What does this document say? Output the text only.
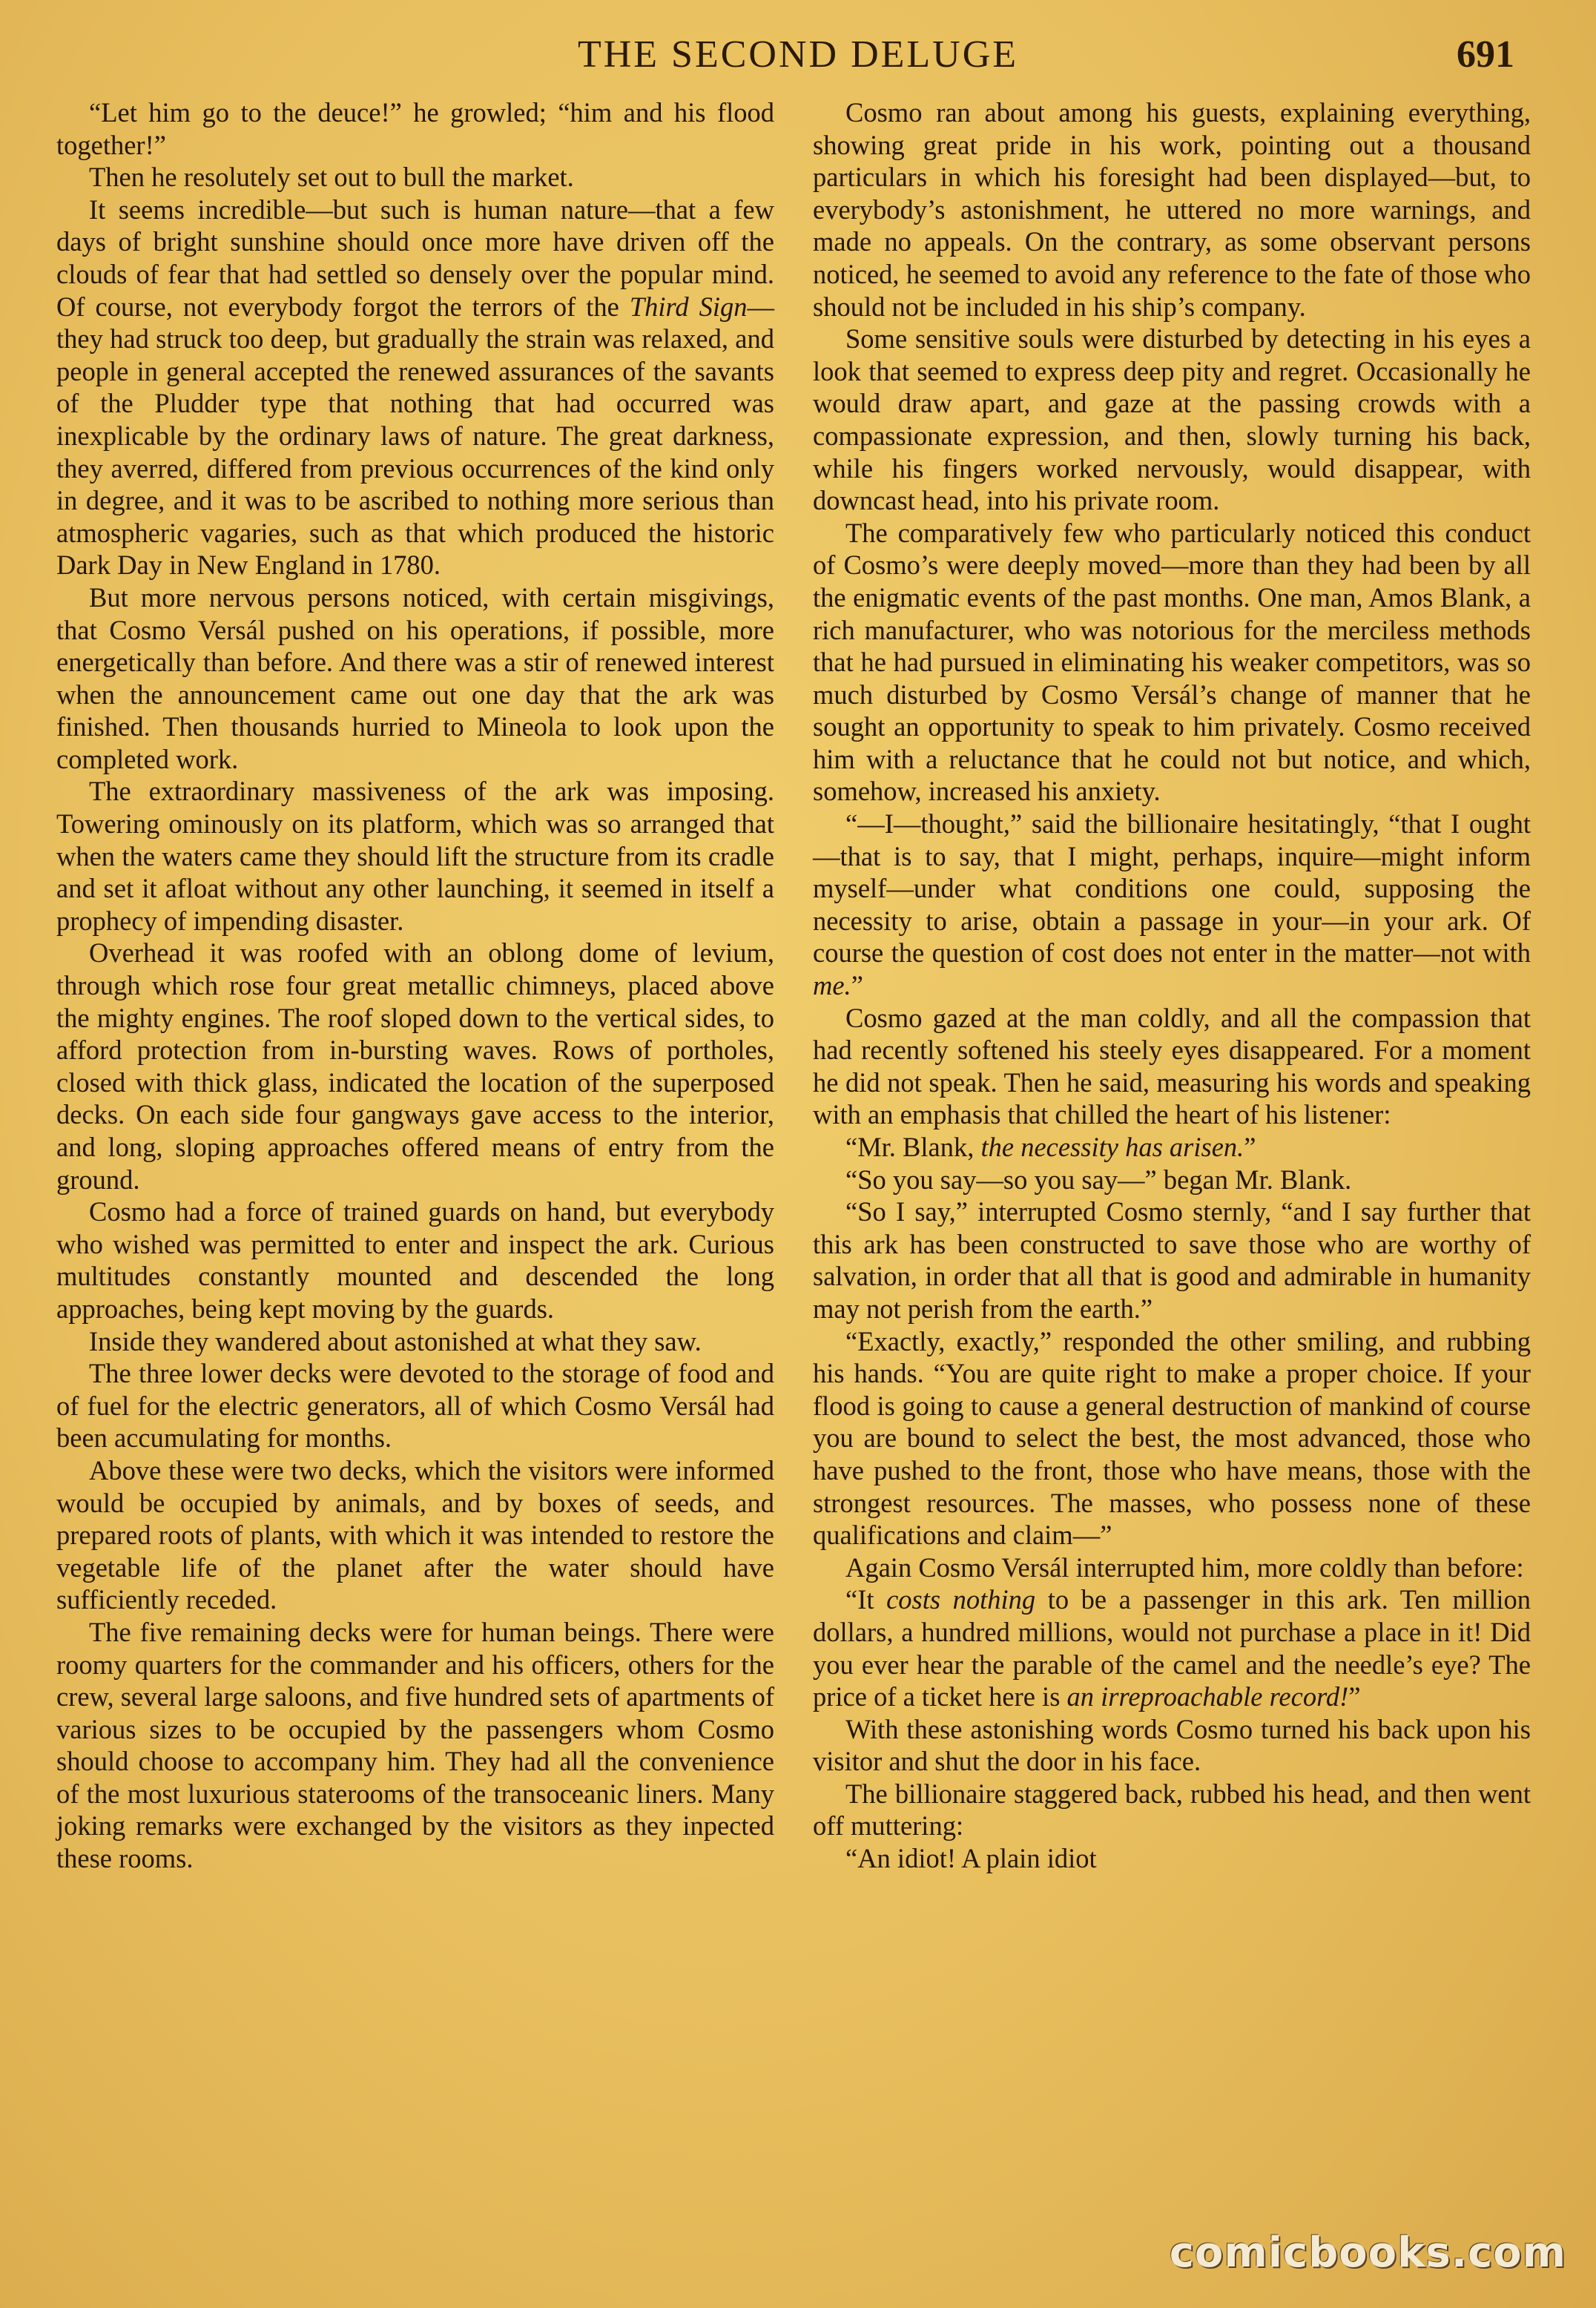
THE SECOND DELUGE	691

“Let him go to the deuce!” he growled; “him and his flood together!”

Then he resolutely set out to bull the market.

It seems incredible—but such is human nature—that a few days of bright sunshine should once more have driven off the clouds of fear that had settled so densely over the popular mind. Of course, not everybody forgot the terrors of the Third Sign—they had struck too deep, but gradually the strain was relaxed, and people in general accepted the renewed assurances of the savants of the Pludder type that nothing that had occurred was inexplicable by the ordinary laws of nature. The great darkness, they averred, differed from previous occurrences of the kind only in degree, and it was to be ascribed to nothing more serious than atmospheric vagaries, such as that which produced the historic Dark Day in New England in 1780.

But more nervous persons noticed, with certain misgivings, that Cosmo Versál pushed on his operations, if possible, more energetically than before. And there was a stir of renewed interest when the announcement came out one day that the ark was finished. Then thousands hurried to Mineola to look upon the completed work.

The extraordinary massiveness of the ark was imposing. Towering ominously on its platform, which was so arranged that when the waters came they should lift the structure from its cradle and set it afloat without any other launching, it seemed in itself a prophecy of impending disaster.

Overhead it was roofed with an oblong dome of levium, through which rose four great metallic chimneys, placed above the mighty engines. The roof sloped down to the vertical sides, to afford protection from in-bursting waves. Rows of portholes, closed with thick glass, indicated the location of the superposed decks. On each side four gangways gave access to the interior, and long, sloping approaches offered means of entry from the ground.

Cosmo had a force of trained guards on hand, but everybody who wished was permitted to enter and inspect the ark. Curious multitudes constantly mounted and descended the long approaches, being kept moving by the guards.

Inside they wandered about astonished at what they saw.

The three lower decks were devoted to the storage of food and of fuel for the electric generators, all of which Cosmo Versál had been accumulating for months.

Above these were two decks, which the visitors were informed would be occupied by animals, and by boxes of seeds, and prepared roots of plants, with which it was intended to restore the vegetable life of the planet after the water should have sufficiently receded.

The five remaining decks were for human beings. There were roomy quarters for the commander and his officers, others for the crew, several large saloons, and five hundred sets of apartments of various sizes to be occupied by the passengers whom Cosmo should choose to accompany him. They had all the convenience of the most luxurious staterooms of the transoceanic liners. Many joking remarks were exchanged by the visitors as they inpected these rooms.

Cosmo ran about among his guests, explaining everything, showing great pride in his work, pointing out a thousand particulars in which his foresight had been displayed—but, to everybody’s astonishment, he uttered no more warnings, and made no appeals. On the contrary, as some observant persons noticed, he seemed to avoid any reference to the fate of those who should not be included in his ship’s company.

Some sensitive souls were disturbed by detecting in his eyes a look that seemed to express deep pity and regret. Occasionally he would draw apart, and gaze at the passing crowds with a compassionate expression, and then, slowly turning his back, while his fingers worked nervously, would disappear, with downcast head, into his private room.

The comparatively few who particularly noticed this conduct of Cosmo’s were deeply moved—more than they had been by all the enigmatic events of the past months. One man, Amos Blank, a rich manufacturer, who was notorious for the merciless methods that he had pursued in eliminating his weaker competitors, was so much disturbed by Cosmo Versál’s change of manner that he sought an opportunity to speak to him privately. Cosmo received him with a reluctance that he could not but notice, and which, somehow, increased his anxiety.

“—I—thought,” said the billionaire hesitatingly, “that I ought—that is to say, that I might, perhaps, inquire—might inform myself—under what conditions one could, supposing the necessity to arise, obtain a passage in your—in your ark. Of course the question of cost does not enter in the matter—not with me.”

Cosmo gazed at the man coldly, and all the compassion that had recently softened his steely eyes disappeared. For a moment he did not speak. Then he said, measuring his words and speaking with an emphasis that chilled the heart of his listener:

“Mr. Blank, the necessity has arisen.”

“So you say—so you say—” began Mr. Blank.

“So I say,” interrupted Cosmo sternly, “and I say further that this ark has been constructed to save those who are worthy of salvation, in order that all that is good and admirable in humanity may not perish from the earth.”

“Exactly, exactly,” responded the other smiling, and rubbing his hands. “You are quite right to make a proper choice. If your flood is going to cause a general destruction of mankind of course you are bound to select the best, the most advanced, those who have pushed to the front, those who have means, those with the strongest resources. The masses, who possess none of these qualifications and claim—”

Again Cosmo Versál interrupted him, more coldly than before:

“It costs nothing to be a passenger in this ark. Ten million dollars, a hundred millions, would not purchase a place in it! Did you ever hear the parable of the camel and the needle’s eye? The price of a ticket here is an irreproachable record!”

With these astonishing words Cosmo turned his back upon his visitor and shut the door in his face.

The billionaire staggered back, rubbed his head, and then went off muttering:

“An idiot! A plain idiot

comicbooks.com
